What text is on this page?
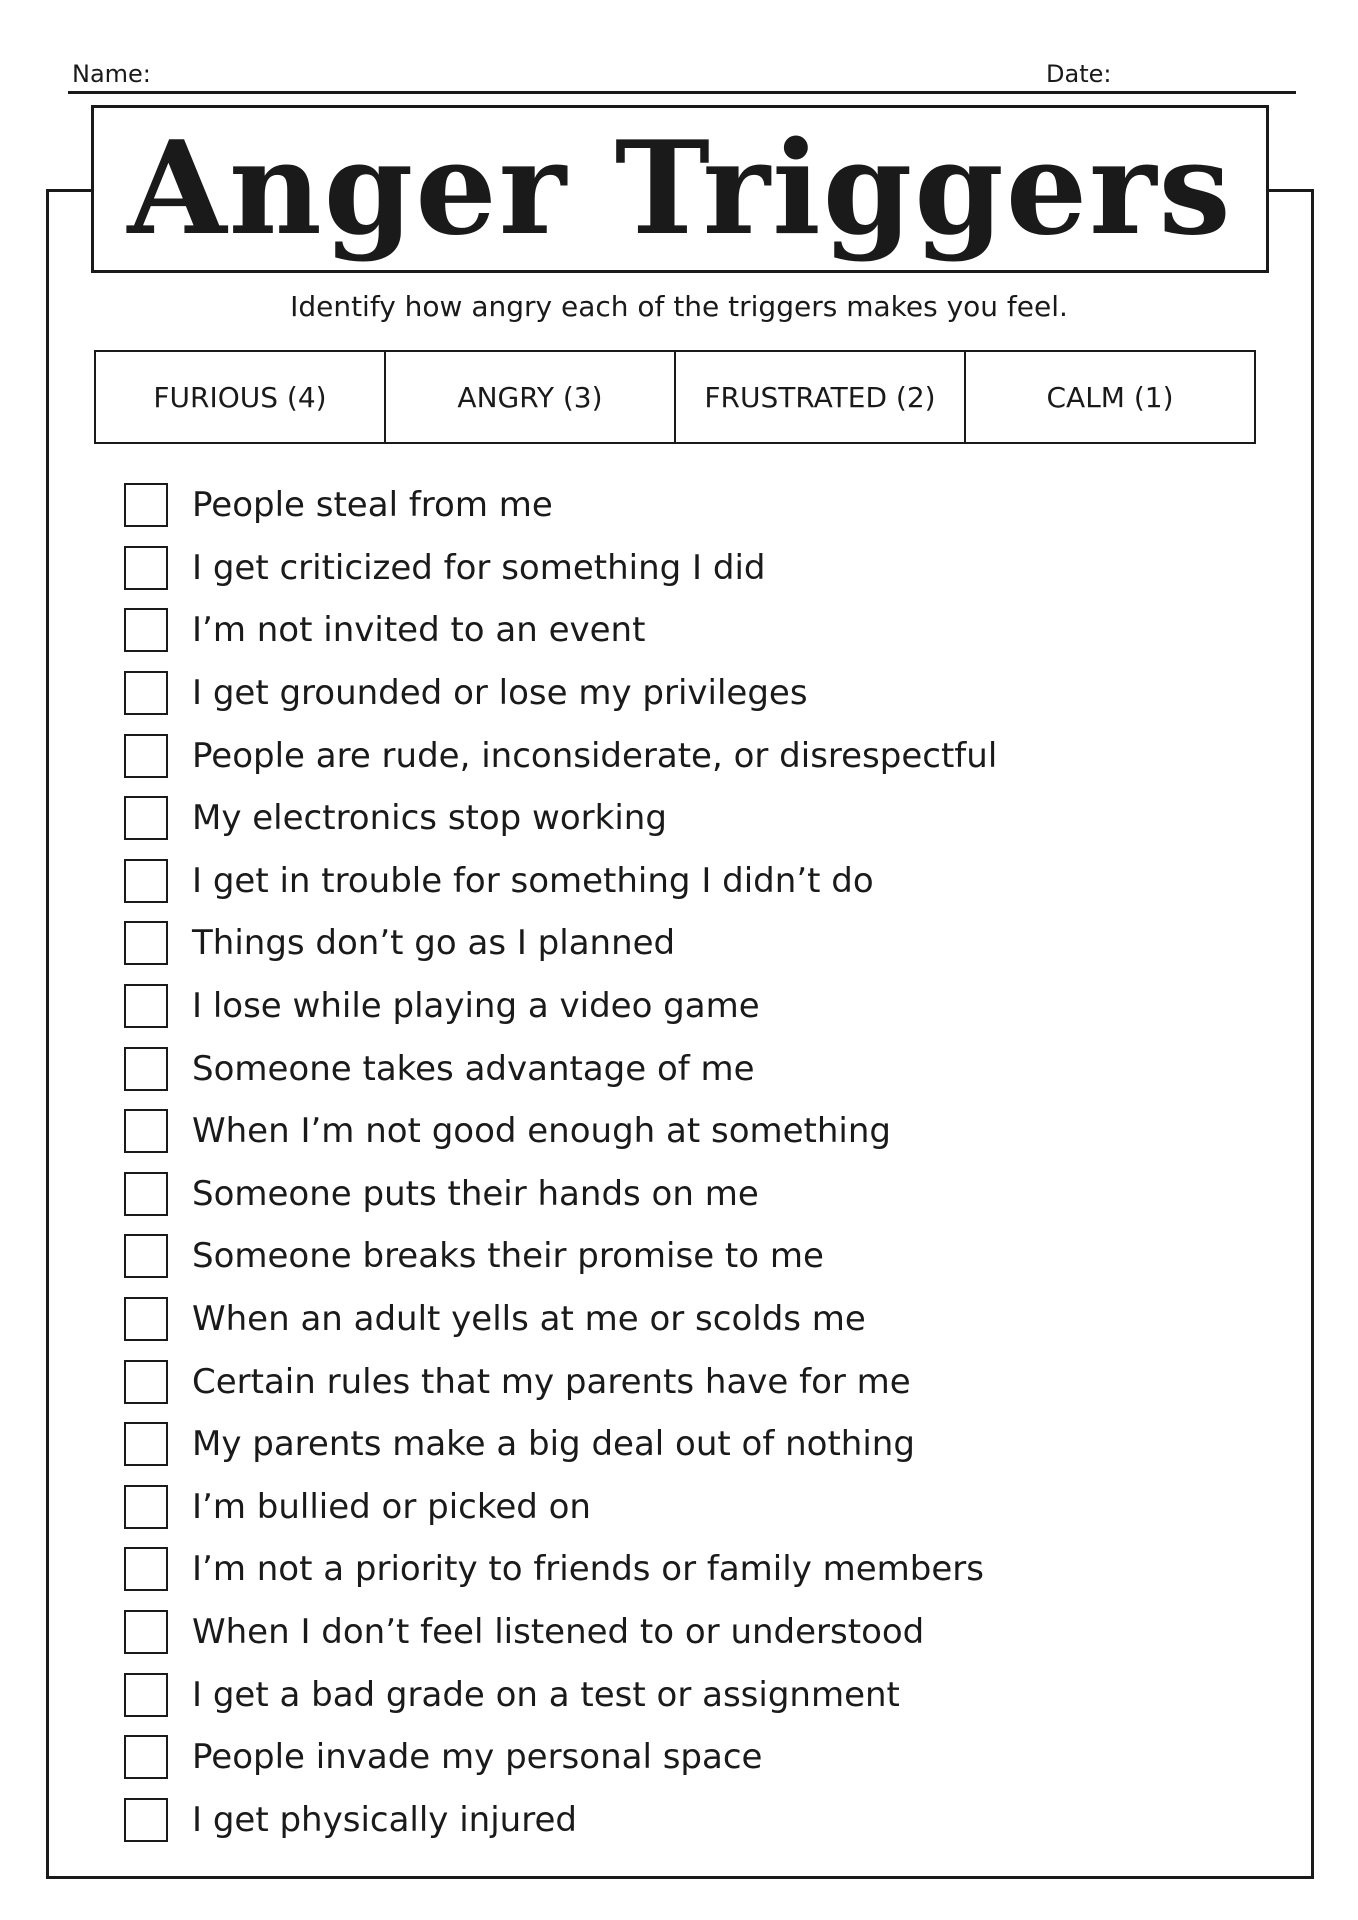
Name:	Date:
Anger Triggers
Identify how angry each of the triggers makes you feel.
FURIOUS (4)	ANGRY (3)	FRUSTRATED (2)	CALM (1)
People steal from me
I get criticized for something I did
I’m not invited to an event
I get grounded or lose my privileges
People are rude, inconsiderate, or disrespectful
My electronics stop working
I get in trouble for something I didn’t do
Things don’t go as I planned
I lose while playing a video game
Someone takes advantage of me
When I’m not good enough at something
Someone puts their hands on me
Someone breaks their promise to me
When an adult yells at me or scolds me
Certain rules that my parents have for me
My parents make a big deal out of nothing
I’m bullied or picked on
I’m not a priority to friends or family members
When I don’t feel listened to or understood
I get a bad grade on a test or assignment
People invade my personal space
I get physically injured
